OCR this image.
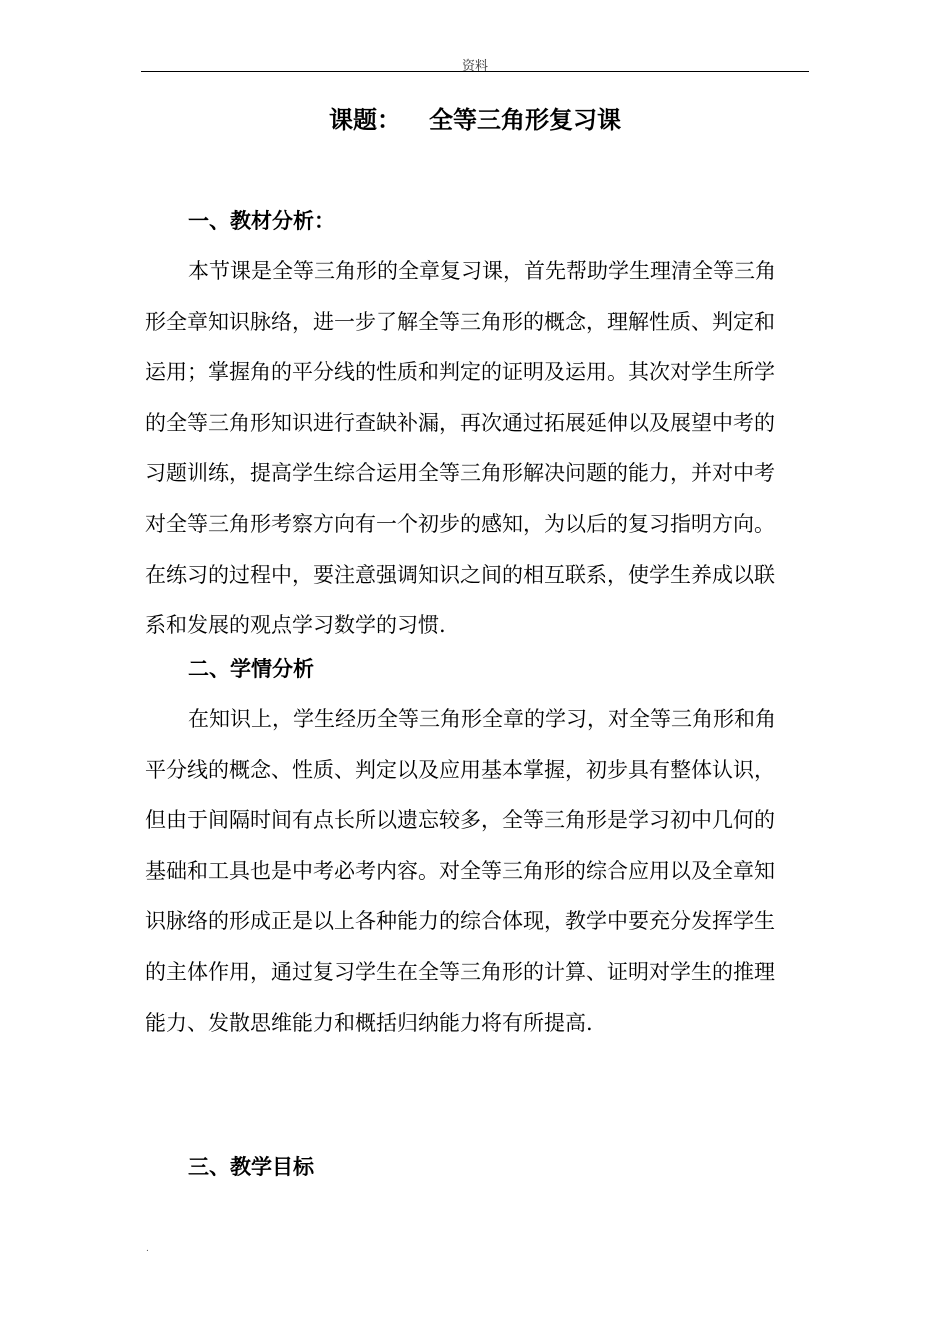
资料
课题： 全等三角形复习课
一、教材分析：
本节课是全等三角形的全章复习课，首先帮助学生理清全等三角
形全章知识脉络，进一步了解全等三角形的概念，理解性质、判定和
运用；掌握角的平分线的性质和判定的证明及运用。其次对学生所学
的全等三角形知识进行查缺补漏，再次通过拓展延伸以及展望中考的
习题训练，提高学生综合运用全等三角形解决问题的能力，并对中考
对全等三角形考察方向有一个初步的感知，为以后的复习指明方向。
在练习的过程中，要注意强调知识之间的相互联系，使学生养成以联
系和发展的观点学习数学的习惯.
二、学情分析
在知识上，学生经历全等三角形全章的学习，对全等三角形和角
平分线的概念、性质、判定以及应用基本掌握，初步具有整体认识，
但由于间隔时间有点长所以遗忘较多，全等三角形是学习初中几何的
基础和工具也是中考必考内容。对全等三角形的综合应用以及全章知
识脉络的形成正是以上各种能力的综合体现，教学中要充分发挥学生
的主体作用，通过复习学生在全等三角形的计算、证明对学生的推理
能力、发散思维能力和概括归纳能力将有所提高.
三、教学目标
.
